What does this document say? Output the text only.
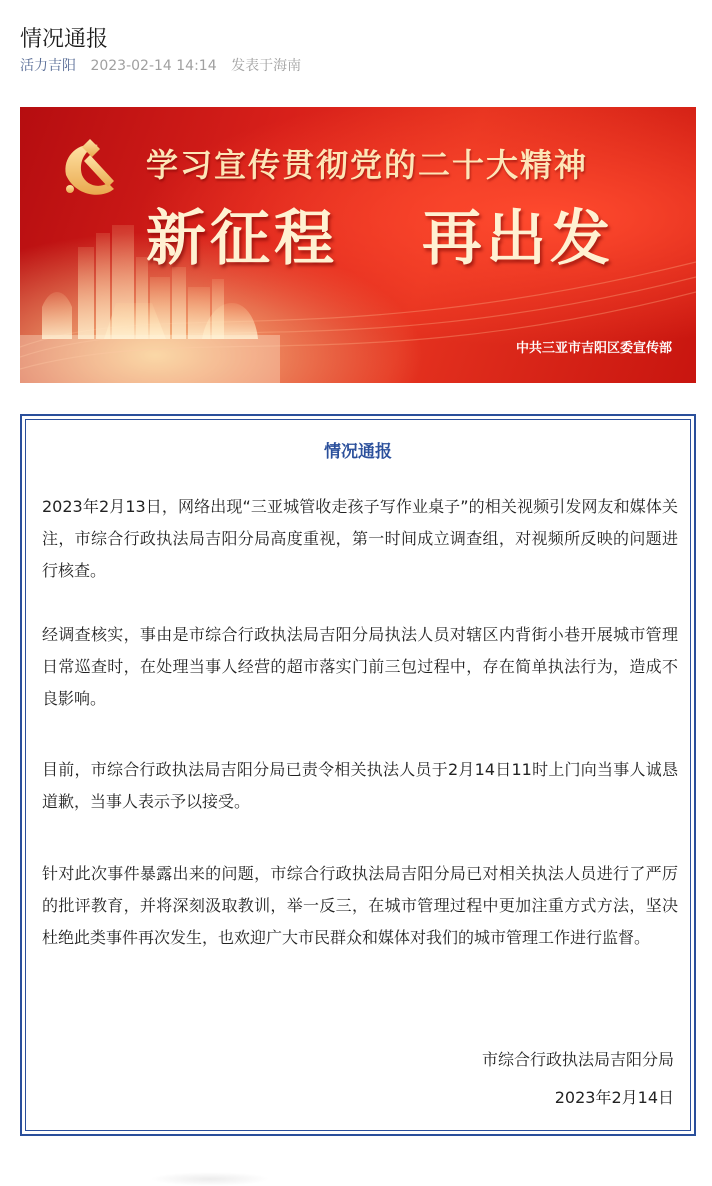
情况通报
活力吉阳 2023-02-14 14:14 发表于海南
学习宣传贯彻党的二十大精神
新征程 再出发
中共三亚市吉阳区委宣传部
情况通报

2023年2月13日，网络出现“三亚城管收走孩子写作业桌子”的相关视频引发网友和媒体关注，市综合行政执法局吉阳分局高度重视，第一时间成立调查组，对视频所反映的问题进行核查。

经调查核实，事由是市综合行政执法局吉阳分局执法人员对辖区内背街小巷开展城市管理日常巡查时，在处理当事人经营的超市落实门前三包过程中，存在简单执法行为，造成不良影响。

目前，市综合行政执法局吉阳分局已责令相关执法人员于2月14日11时上门向当事人诚恳道歉，当事人表示予以接受。

针对此次事件暴露出来的问题，市综合行政执法局吉阳分局已对相关执法人员进行了严厉的批评教育，并将深刻汲取教训，举一反三，在城市管理过程中更加注重方式方法，坚决杜绝此类事件再次发生，也欢迎广大市民群众和媒体对我们的城市管理工作进行监督。

市综合行政执法局吉阳分局
2023年2月14日
